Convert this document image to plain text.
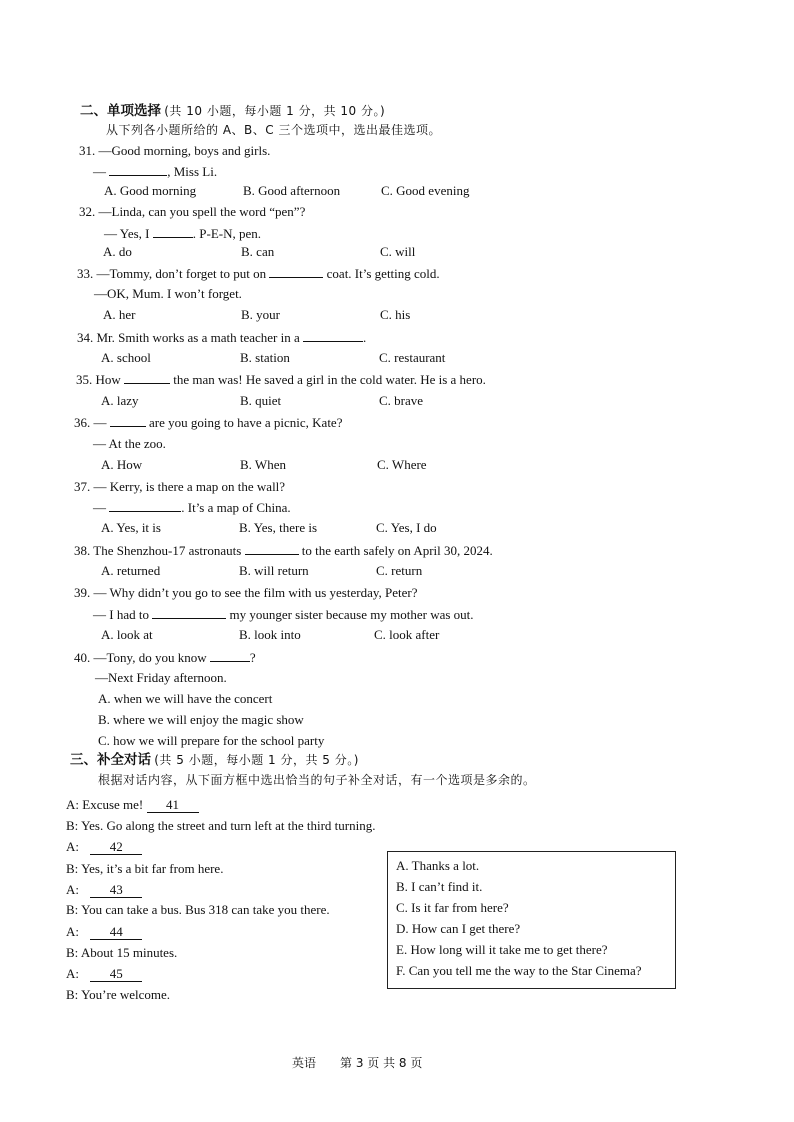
二、单项选择 (共 10 小题，每小题 1 分，共 10 分。)
从下列各小题所给的 A、B、C 三个选项中，选出最佳选项。
31. —Good morning, boys and girls.
—	, Miss Li.
A. Good morning	B. Good afternoon	C. Good evening
32. —Linda, can you spell the word “pen”?
— Yes, I	. P-E-N, pen.
A. do	B. can	C. will
33. —Tommy, don’t forget to put on	coat. It’s getting cold.
—OK, Mum. I won’t forget.
A. her	B. your	C. his
34. Mr. Smith works as a math teacher in a	.
A. school	B. station	C. restaurant
35. How	the man was! He saved a girl in the cold water. He is a hero.
A. lazy	B. quiet	C. brave
36. —	are you going to have a picnic, Kate?
— At the zoo.
A. How	B. When	C. Where
37. — Kerry, is there a map on the wall?
—	. It’s a map of China.
A. Yes, it is	B. Yes, there is	C. Yes, I do
38. The Shenzhou-17 astronauts	to the earth safely on April 30, 2024.
A. returned	B. will return	C. return
39. — Why didn’t you go to see the film with us yesterday, Peter?
— I had to	my younger sister because my mother was out.
A. look at	B. look into	C. look after
40. —Tony, do you know	?
—Next Friday afternoon.
A. when we will have the concert
B. where we will enjoy the magic show
C. how we will prepare for the school party
三、补全对话 (共 5 小题，每小题 1 分，共 5 分。)
根据对话内容，从下面方框中选出恰当的句子补全对话，有一个选项是多余的。
A: Excuse me! 41
B: Yes. Go along the street and turn left at the third turning.
A: 42
B: Yes, it’s a bit far from here.
A: 43
B: You can take a bus. Bus 318 can take you there.
A: 44
B: About 15 minutes.
A: 45
B: You’re welcome.
A. Thanks a lot.
B. I can’t find it.
C. Is it far from here?
D. How can I get there?
E. How long will it take me to get there?
F. Can you tell me the way to the Star Cinema?
英语 第 3 页 共 8 页
